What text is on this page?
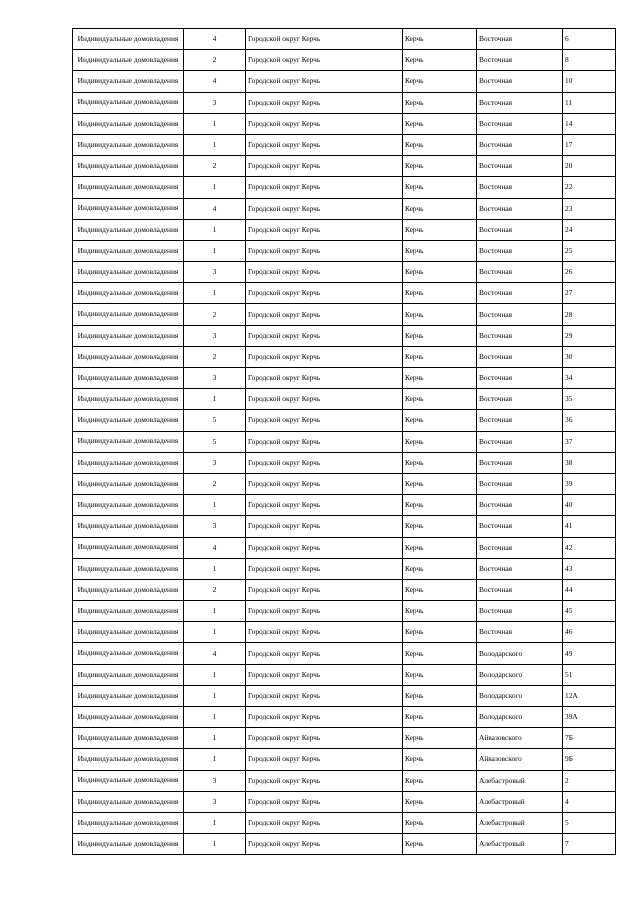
Индивидуальные домовладения	4	Городской округ Керчь	Керчь	Восточная	6
Индивидуальные домовладения	2	Городской округ Керчь	Керчь	Восточная	8
Индивидуальные домовладения	4	Городской округ Керчь	Керчь	Восточная	10
Индивидуальные домовладения	3	Городской округ Керчь	Керчь	Восточная	11
Индивидуальные домовладения	1	Городской округ Керчь	Керчь	Восточная	14
Индивидуальные домовладения	1	Городской округ Керчь	Керчь	Восточная	17
Индивидуальные домовладения	2	Городской округ Керчь	Керчь	Восточная	20
Индивидуальные домовладения	1	Городской округ Керчь	Керчь	Восточная	22
Индивидуальные домовладения	4	Городской округ Керчь	Керчь	Восточная	23
Индивидуальные домовладения	1	Городской округ Керчь	Керчь	Восточная	24
Индивидуальные домовладения	1	Городской округ Керчь	Керчь	Восточная	25
Индивидуальные домовладения	3	Городской округ Керчь	Керчь	Восточная	26
Индивидуальные домовладения	1	Городской округ Керчь	Керчь	Восточная	27
Индивидуальные домовладения	2	Городской округ Керчь	Керчь	Восточная	28
Индивидуальные домовладения	3	Городской округ Керчь	Керчь	Восточная	29
Индивидуальные домовладения	2	Городской округ Керчь	Керчь	Восточная	30
Индивидуальные домовладения	3	Городской округ Керчь	Керчь	Восточная	34
Индивидуальные домовладения	1	Городской округ Керчь	Керчь	Восточная	35
Индивидуальные домовладения	5	Городской округ Керчь	Керчь	Восточная	36
Индивидуальные домовладения	5	Городской округ Керчь	Керчь	Восточная	37
Индивидуальные домовладения	3	Городской округ Керчь	Керчь	Восточная	38
Индивидуальные домовладения	2	Городской округ Керчь	Керчь	Восточная	39
Индивидуальные домовладения	1	Городской округ Керчь	Керчь	Восточная	40
Индивидуальные домовладения	3	Городской округ Керчь	Керчь	Восточная	41
Индивидуальные домовладения	4	Городской округ Керчь	Керчь	Восточная	42
Индивидуальные домовладения	1	Городской округ Керчь	Керчь	Восточная	43
Индивидуальные домовладения	2	Городской округ Керчь	Керчь	Восточная	44
Индивидуальные домовладения	1	Городской округ Керчь	Керчь	Восточная	45
Индивидуальные домовладения	1	Городской округ Керчь	Керчь	Восточная	46
Индивидуальные домовладения	4	Городской округ Керчь	Керчь	Володарского	49
Индивидуальные домовладения	1	Городской округ Керчь	Керчь	Володарского	51
Индивидуальные домовладения	1	Городской округ Керчь	Керчь	Володарского	12А
Индивидуальные домовладения	1	Городской округ Керчь	Керчь	Володарского	39А
Индивидуальные домовладения	1	Городской округ Керчь	Керчь	Айвазовского	7Б
Индивидуальные домовладения	1	Городской округ Керчь	Керчь	Айвазовского	9Б
Индивидуальные домовладения	3	Городской округ Керчь	Керчь	Алебастровый	2
Индивидуальные домовладения	3	Городской округ Керчь	Керчь	Алебастровый	4
Индивидуальные домовладения	1	Городской округ Керчь	Керчь	Алебастровый	5
Индивидуальные домовладения	1	Городской округ Керчь	Керчь	Алебастровый	7
